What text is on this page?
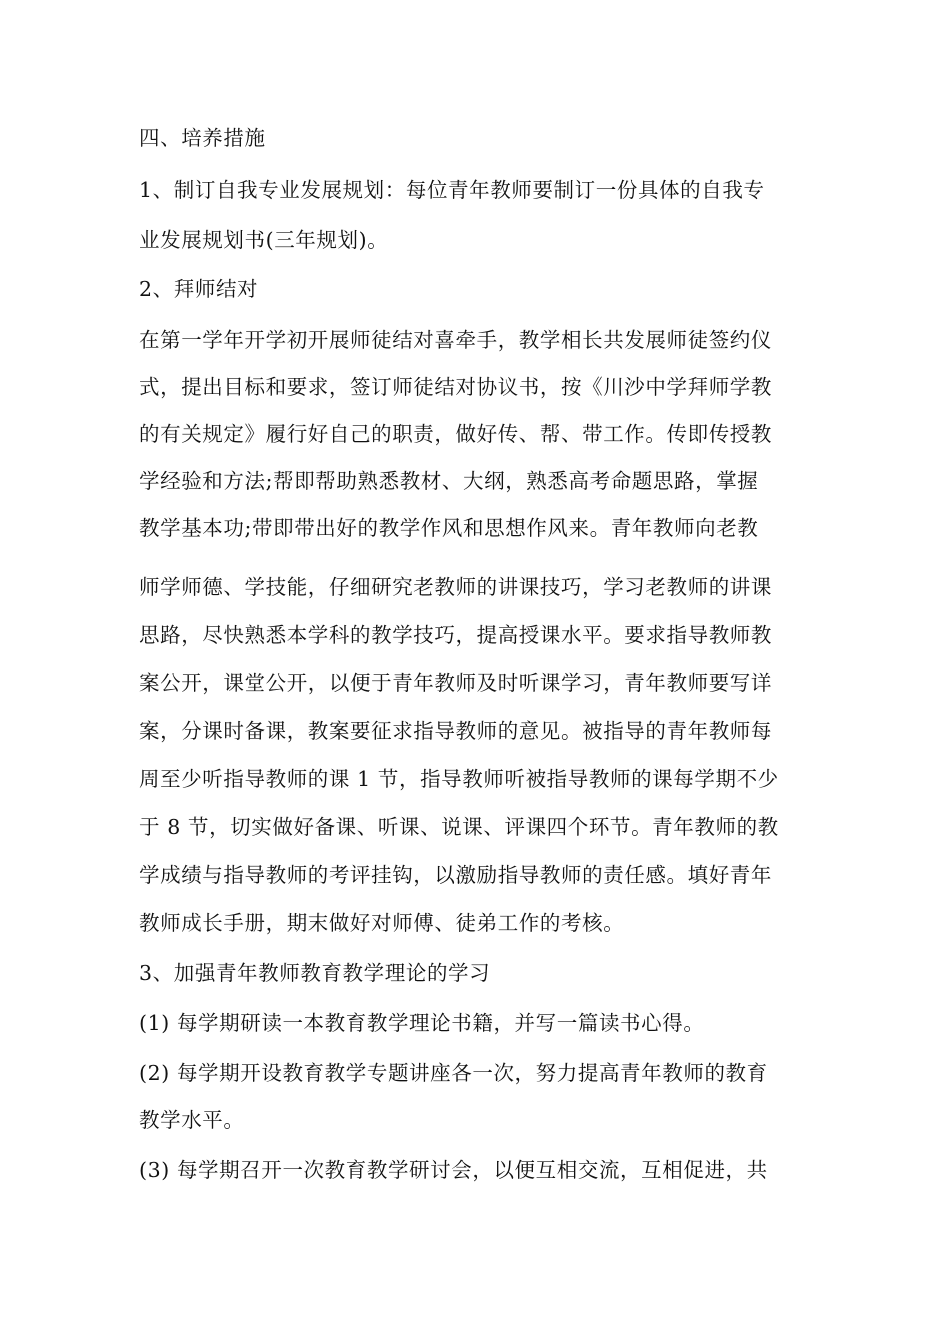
四、培养措施
1、制订自我专业发展规划：每位青年教师要制订一份具体的自我专
业发展规划书(三年规划)。
2、拜师结对
在第一学年开学初开展师徒结对喜牵手，教学相长共发展师徒签约仪
式，提出目标和要求，签订师徒结对协议书，按《川沙中学拜师学教
的有关规定》履行好自己的职责，做好传、帮、带工作。传即传授教
学经验和方法;帮即帮助熟悉教材、大纲，熟悉高考命题思路，掌握
教学基本功;带即带出好的教学作风和思想作风来。青年教师向老教
师学师德、学技能，仔细研究老教师的讲课技巧，学习老教师的讲课
思路，尽快熟悉本学科的教学技巧，提高授课水平。要求指导教师教
案公开，课堂公开，以便于青年教师及时听课学习，青年教师要写详
案，分课时备课，教案要征求指导教师的意见。被指导的青年教师每
周至少听指导教师的课 1 节，指导教师听被指导教师的课每学期不少
于 8 节，切实做好备课、听课、说课、评课四个环节。青年教师的教
学成绩与指导教师的考评挂钩，以激励指导教师的责任感。填好青年
教师成长手册，期末做好对师傅、徒弟工作的考核。
3、加强青年教师教育教学理论的学习
(1) 每学期研读一本教育教学理论书籍，并写一篇读书心得。
(2) 每学期开设教育教学专题讲座各一次，努力提高青年教师的教育
教学水平。
(3) 每学期召开一次教育教学研讨会，以便互相交流，互相促进，共
